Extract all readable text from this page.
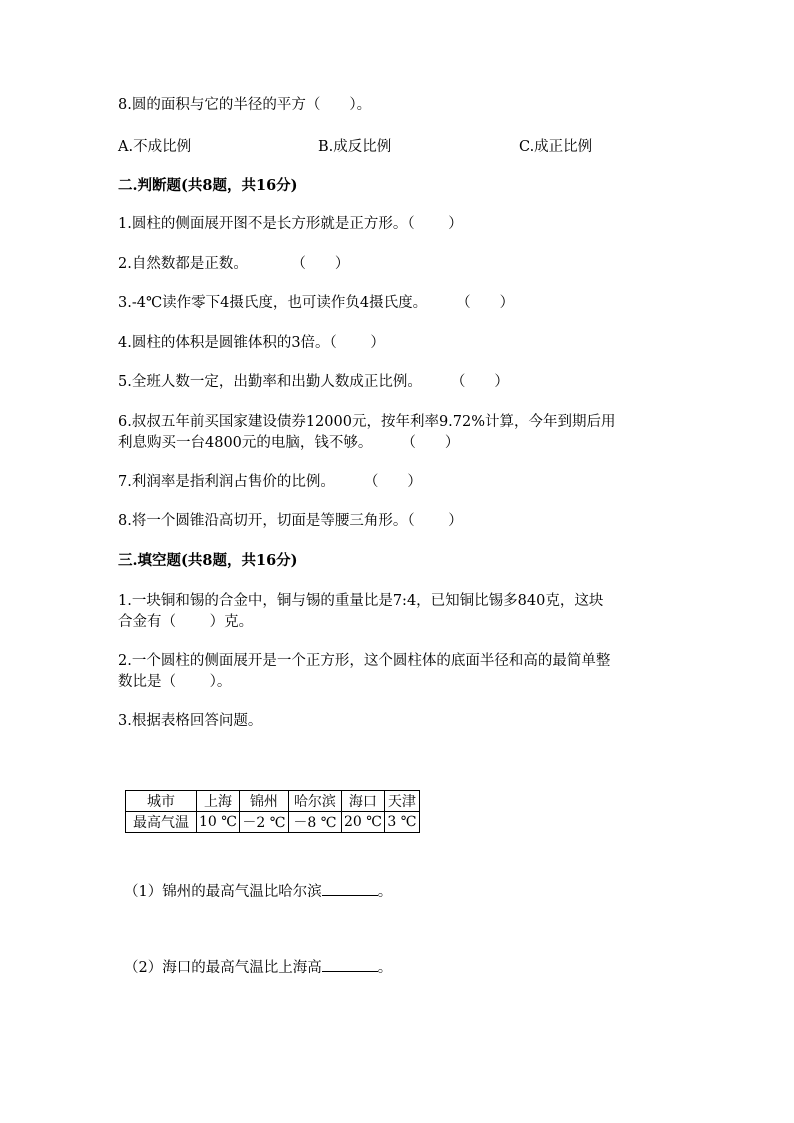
8.圆的面积与它的半径的平方（　　）。
A.不成比例	B.成反比例	C.成正比例
二.判断题(共8题，共16分)
1.圆柱的侧面展开图不是长方形就是正方形。（　　 ）
2.自然数都是正数。　　　　（　　）
3.-4℃读作零下4摄氏度，也可读作负4摄氏度。　　　（　　）
4.圆柱的体积是圆锥体积的3倍。（　　 ）
5.全班人数一定，出勤率和出勤人数成正比例。　　　（　　）
6.叔叔五年前买国家建设债券12000元，按年利率9.72%计算，今年到期后用
利息购买一台4800元的电脑，钱不够。　　　（　　）
7.利润率是指利润占售价的比例。　　　（　　）
8.将一个圆锥沿高切开，切面是等腰三角形。（　　 ）
三.填空题(共8题，共16分)
1.一块铜和锡的合金中，铜与锡的重量比是7:4，已知铜比锡多840克，这块
合金有（　　 ）克。
2.一个圆柱的侧面展开是一个正方形，这个圆柱体的底面半径和高的最简单整
数比是（　　 ）。
3.根据表格回答问题。
城市	上海	锦州	哈尔滨	海口	天津
最高气温	10 ℃	－2 ℃	－8 ℃	20 ℃	3 ℃
（1）锦州的最高气温比哈尔滨	。
（2）海口的最高气温比上海高	。
